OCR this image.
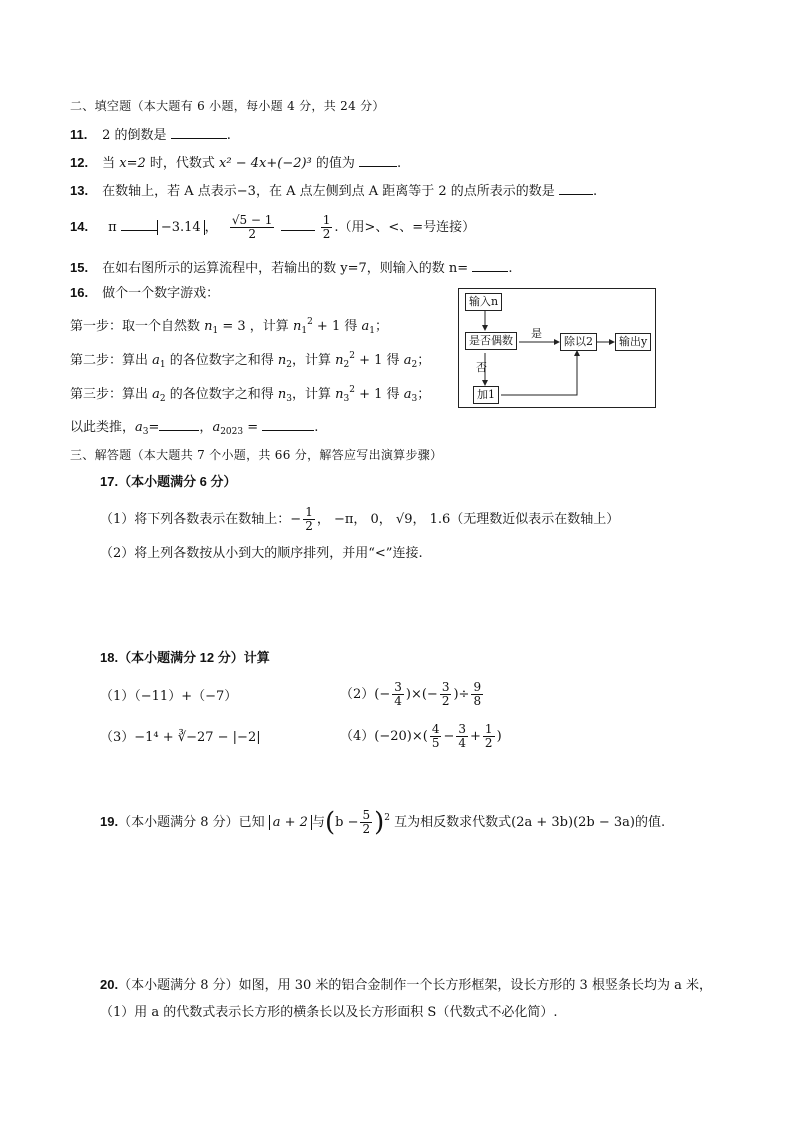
二、填空题（本大题有 6 小题，每小题 4 分，共 24 分）
11. 2 的倒数是	.
12. 当 x=2 时，代数式 x² − 4x+(−2)³ 的值为	.
13. 在数轴上，若 A 点表示−3，在 A 点左侧到点 A 距离等于 2 的点所表示的数是	.
14. π	−3.14 ， $\frac{√5 - 1}{2}$
	$\frac{1}{2}$ .（用>、<、=号连接）
15. 在如右图所示的运算流程中，若输出的数 y=7，则输入的数 n=	.
16. 做个一个数字游戏：
第一步：取一个自然数 $n_1 = 3$ ，计算 $n_1^2 + 1$ 得 $a_1$；
第二步：算出 $a_1$ 的各位数字之和得 $n_2$，计算 $n_2^2 + 1$ 得 $a_2$；
第三步：算出 $a_2$ 的各位数字之和得 $n_3$，计算 $n_3^2 + 1$ 得 $a_3$；
以此类推，$a_3=$	，$a_{2023}$ =	.
输入n
是否偶数
是
除以2	输出y
否
加1
三、解答题（本大题共 7 个小题，共 66 分，解答应写出演算步骤）
17.（本小题满分 6 分）
（1）将下列各数表示在数轴上：− $\frac{1}{2}$ ， −π， 0， √9， 1.6（无理数近似表示在数轴上）
（2）将上列各数按从小到大的顺序排列，并用“<”连接.
18.（本小题满分 12 分）计算
（1）（−11）+（−7）	$(2)(- \frac{3}{4}$ )×(− $\frac{3}{2}$ )÷ $\frac{9}{8}$
（3）−1⁴ + ∛−27 − |−2|	$(4)(-20)\times( \frac{4}{5} - \frac{3}{4} + \frac{1}{2}$ )
19.（本小题满分 8 分）已知 a + 2 与$(b - \frac{5}{2} )^2$ 互为相反数求代数式(2a + 3b)(2b − 3a)的值.
20.（本小题满分 8 分）如图，用 30 米的铝合金制作一个长方形框架，设长方形的 3 根竖条长均为 a 米，
（1）用 a 的代数式表示长方形的横条长以及长方形面积 S（代数式不必化简）.
